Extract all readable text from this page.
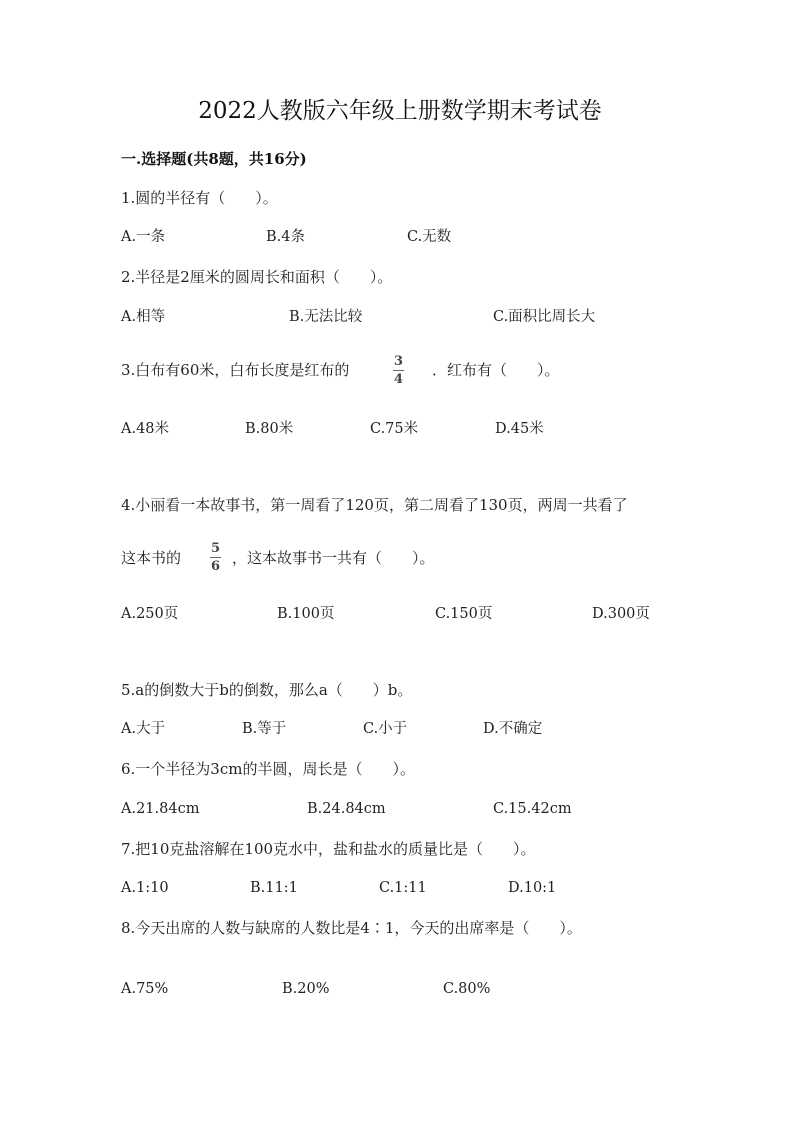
2022人教版六年级上册数学期末考试卷
一.选择题(共8题，共16分)
1.圆的半径有（　　）。
A.一条	B.4条	C.无数
2.半径是2厘米的圆周长和面积（　　）。
A.相等	B.无法比较	C.面积比周长大
3.白布有60米，白布长度是红布的	3
4
．红布有（　　）。
A.48米	B.80米	C.75米	D.45米
4.小丽看一本故事书，第一周看了120页，第二周看了130页，两周一共看了
这本书的
5
6 ，这本故事书一共有（　　）。
A.250页	B.100页	C.150页	D.300页
5.a的倒数大于b的倒数，那么a（　　）b。
A.大于	B.等于	C.小于	D.不确定
6.一个半径为3cm的半圆，周长是（　　）。
A.21.84cm	B.24.84cm	C.15.42cm
7.把10克盐溶解在100克水中，盐和盐水的质量比是（　　）。
A.1:10	B.11:1	C.1:11	D.10:1
8.今天出席的人数与缺席的人数比是4∶1，今天的出席率是（　　）。
A.75%	B.20%	C.80%
